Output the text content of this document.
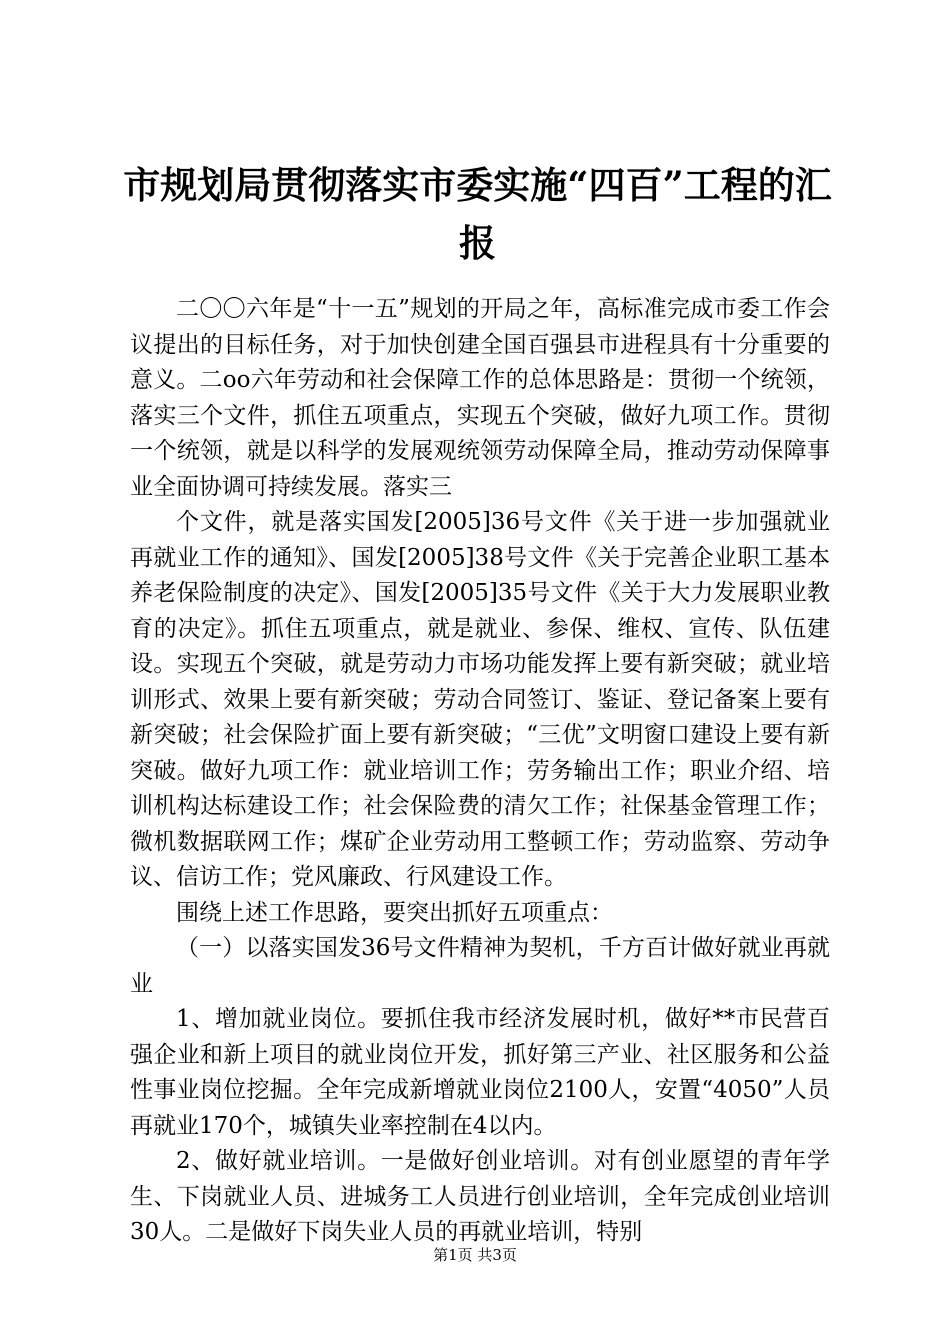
市规划局贯彻落实市委实施“四百”工程的汇报

二〇〇六年是“十一五”规划的开局之年，高标准完成市委工作会议提出的目标任务，对于加快创建全国百强县市进程具有十分重要的意义。二oo六年劳动和社会保障工作的总体思路是：贯彻一个统领，落实三个文件，抓住五项重点，实现五个突破，做好九项工作。贯彻一个统领，就是以科学的发展观统领劳动保障全局，推动劳动保障事业全面协调可持续发展。落实三

个文件，就是落实国发[2005]36号文件《关于进一步加强就业再就业工作的通知》、国发[2005]38号文件《关于完善企业职工基本养老保险制度的决定》、国发[2005]35号文件《关于大力发展职业教育的决定》。抓住五项重点，就是就业、参保、维权、宣传、队伍建设。实现五个突破，就是劳动力市场功能发挥上要有新突破；就业培训形式、效果上要有新突破；劳动合同签订、鉴证、登记备案上要有新突破；社会保险扩面上要有新突破；“三优”文明窗口建设上要有新突破。做好九项工作：就业培训工作；劳务输出工作；职业介绍、培训机构达标建设工作；社会保险费的清欠工作；社保基金管理工作；微机数据联网工作；煤矿企业劳动用工整顿工作；劳动监察、劳动争议、信访工作；党风廉政、行风建设工作。

围绕上述工作思路，要突出抓好五项重点：

（一）以落实国发36号文件精神为契机，千方百计做好就业再就业

1、增加就业岗位。要抓住我市经济发展时机，做好**市民营百强企业和新上项目的就业岗位开发，抓好第三产业、社区服务和公益性事业岗位挖掘。全年完成新增就业岗位2100人，安置“4050”人员再就业170个，城镇失业率控制在4以内。

2、做好就业培训。一是做好创业培训。对有创业愿望的青年学生、下岗就业人员、进城务工人员进行创业培训，全年完成创业培训30人。二是做好下岗失业人员的再就业培训，特别

第1页 共3页
